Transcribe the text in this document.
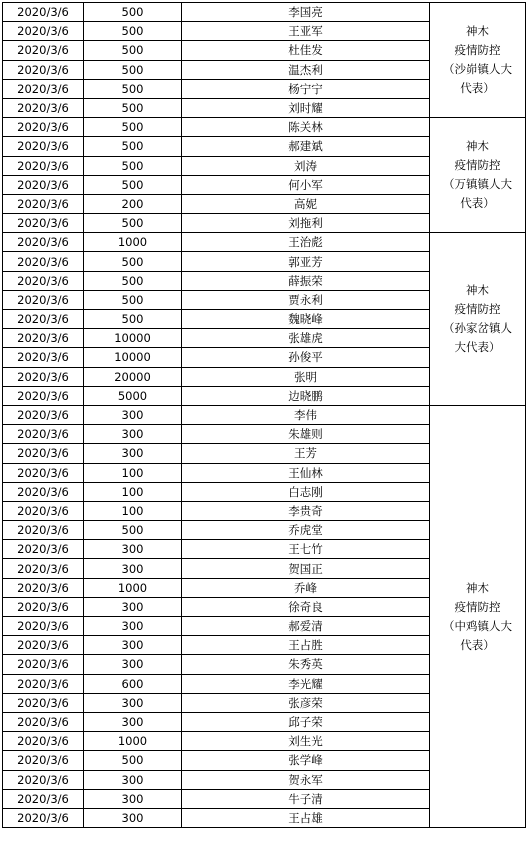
2020/3/6	500	李国亮	神木
疫情防控
（沙峁镇人大
代表）

2020/3/6	500	王亚军	
2020/3/6	500	杜佳发	
2020/3/6	500	温杰利	
2020/3/6	500	杨宁宁	
2020/3/6	500	刘时耀	
2020/3/6	500	陈关林	神木
疫情防控
（万镇镇人大
代表）

2020/3/6	500	郝建斌	
2020/3/6	500	刘涛	
2020/3/6	500	何小军	
2020/3/6	200	高妮	
2020/3/6	500	刘拖利	
2020/3/6	1000	王治彪	神木
疫情防控
（孙家岔镇人
大代表）

2020/3/6	500	郭亚芳	
2020/3/6	500	薛振荣	
2020/3/6	500	贾永利	
2020/3/6	500	魏晓峰	
2020/3/6	10000	张雄虎	
2020/3/6	10000	孙俊平	
2020/3/6	20000	张明	
2020/3/6	5000	边晓鹏	
2020/3/6	300	李伟	神木
疫情防控
（中鸡镇人大
代表）

2020/3/6	300	朱雄则	
2020/3/6	300	王芳	
2020/3/6	100	王仙林	
2020/3/6	100	白志刚	
2020/3/6	100	李贵奇	
2020/3/6	500	乔虎堂	
2020/3/6	300	王七竹	
2020/3/6	300	贺国正	
2020/3/6	1000	乔峰	
2020/3/6	300	徐奇良	
2020/3/6	300	郝爱清	
2020/3/6	300	王占胜	
2020/3/6	300	朱秀英	
2020/3/6	600	李光耀	
2020/3/6	300	张彦荣	
2020/3/6	300	邱子荣	
2020/3/6	1000	刘生光	
2020/3/6	500	张学峰	
2020/3/6	300	贺永军	
2020/3/6	300	牛子清	
2020/3/6	300	王占雄	
